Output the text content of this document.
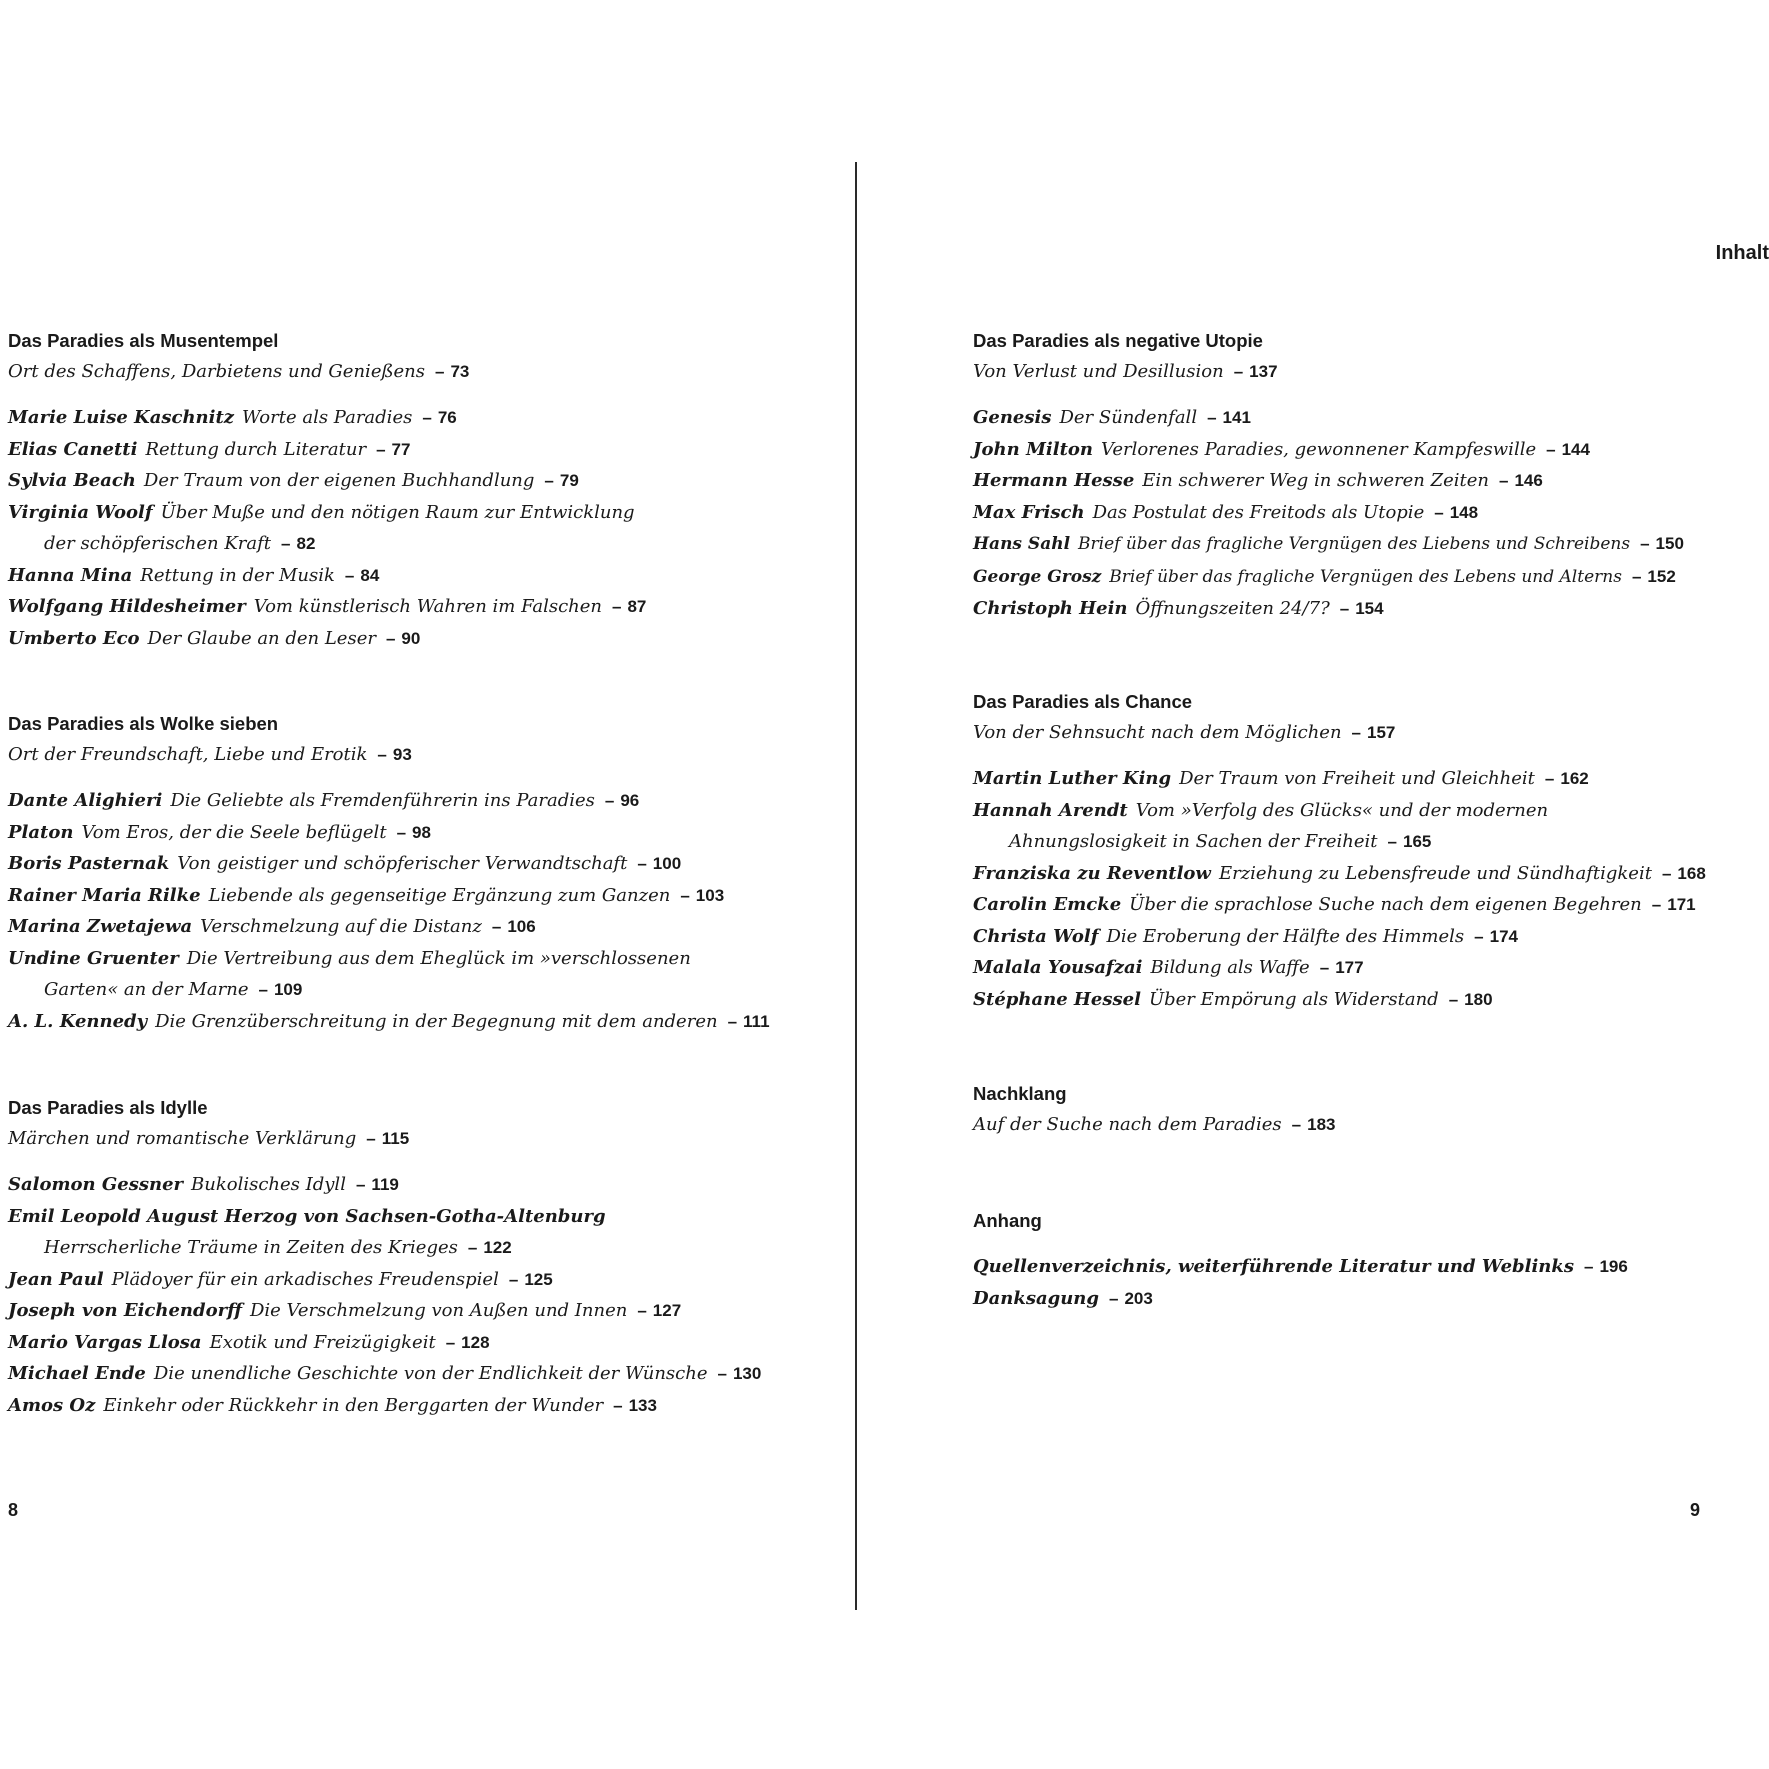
Das Paradies als Musentempel
Ort des Schaffens, Darbietens und Genießens – 73
Marie Luise Kaschnitz Worte als Paradies – 76
Elias Canetti Rettung durch Literatur – 77
Sylvia Beach Der Traum von der eigenen Buchhandlung – 79
Virginia Woolf Über Muße und den nötigen Raum zur Entwicklung
der schöpferischen Kraft – 82
Hanna Mina Rettung in der Musik – 84
Wolfgang Hildesheimer Vom künstlerisch Wahren im Falschen – 87
Umberto Eco Der Glaube an den Leser – 90
Das Paradies als Wolke sieben
Ort der Freundschaft, Liebe und Erotik – 93
Dante Alighieri Die Geliebte als Fremdenführerin ins Paradies – 96
Platon Vom Eros, der die Seele beflügelt – 98
Boris Pasternak Von geistiger und schöpferischer Verwandtschaft – 100
Rainer Maria Rilke Liebende als gegenseitige Ergänzung zum Ganzen – 103
Marina Zwetajewa Verschmelzung auf die Distanz – 106
Undine Gruenter Die Vertreibung aus dem Eheglück im »verschlossenen
Garten« an der Marne – 109
A. L. Kennedy Die Grenzüberschreitung in der Begegnung mit dem anderen – 111
Das Paradies als Idylle
Märchen und romantische Verklärung – 115
Salomon Gessner Bukolisches Idyll – 119
Emil Leopold August Herzog von Sachsen-Gotha-Altenburg
Herrscherliche Träume in Zeiten des Krieges – 122
Jean Paul Plädoyer für ein arkadisches Freudenspiel – 125
Joseph von Eichendorff Die Verschmelzung von Außen und Innen – 127
Mario Vargas Llosa Exotik und Freizügigkeit – 128
Michael Ende Die unendliche Geschichte von der Endlichkeit der Wünsche – 130
Amos Oz Einkehr oder Rückkehr in den Berggarten der Wunder – 133
8
Inhalt
Das Paradies als negative Utopie
Von Verlust und Desillusion – 137
Genesis Der Sündenfall – 141
John Milton Verlorenes Paradies, gewonnener Kampfeswille – 144
Hermann Hesse Ein schwerer Weg in schweren Zeiten – 146
Max Frisch Das Postulat des Freitods als Utopie – 148
Hans Sahl Brief über das fragliche Vergnügen des Liebens und Schreibens – 150
George Grosz Brief über das fragliche Vergnügen des Lebens und Alterns – 152
Christoph Hein Öffnungszeiten 24/7? – 154
Das Paradies als Chance
Von der Sehnsucht nach dem Möglichen – 157
Martin Luther King Der Traum von Freiheit und Gleichheit – 162
Hannah Arendt Vom »Verfolg des Glücks« und der modernen
Ahnungslosigkeit in Sachen der Freiheit – 165
Franziska zu Reventlow Erziehung zu Lebensfreude und Sündhaftigkeit – 168
Carolin Emcke Über die sprachlose Suche nach dem eigenen Begehren – 171
Christa Wolf Die Eroberung der Hälfte des Himmels – 174
Malala Yousafzai Bildung als Waffe – 177
Stéphane Hessel Über Empörung als Widerstand – 180
Nachklang
Auf der Suche nach dem Paradies – 183
Anhang
Quellenverzeichnis, weiterführende Literatur und Weblinks – 196
Danksagung – 203
9
